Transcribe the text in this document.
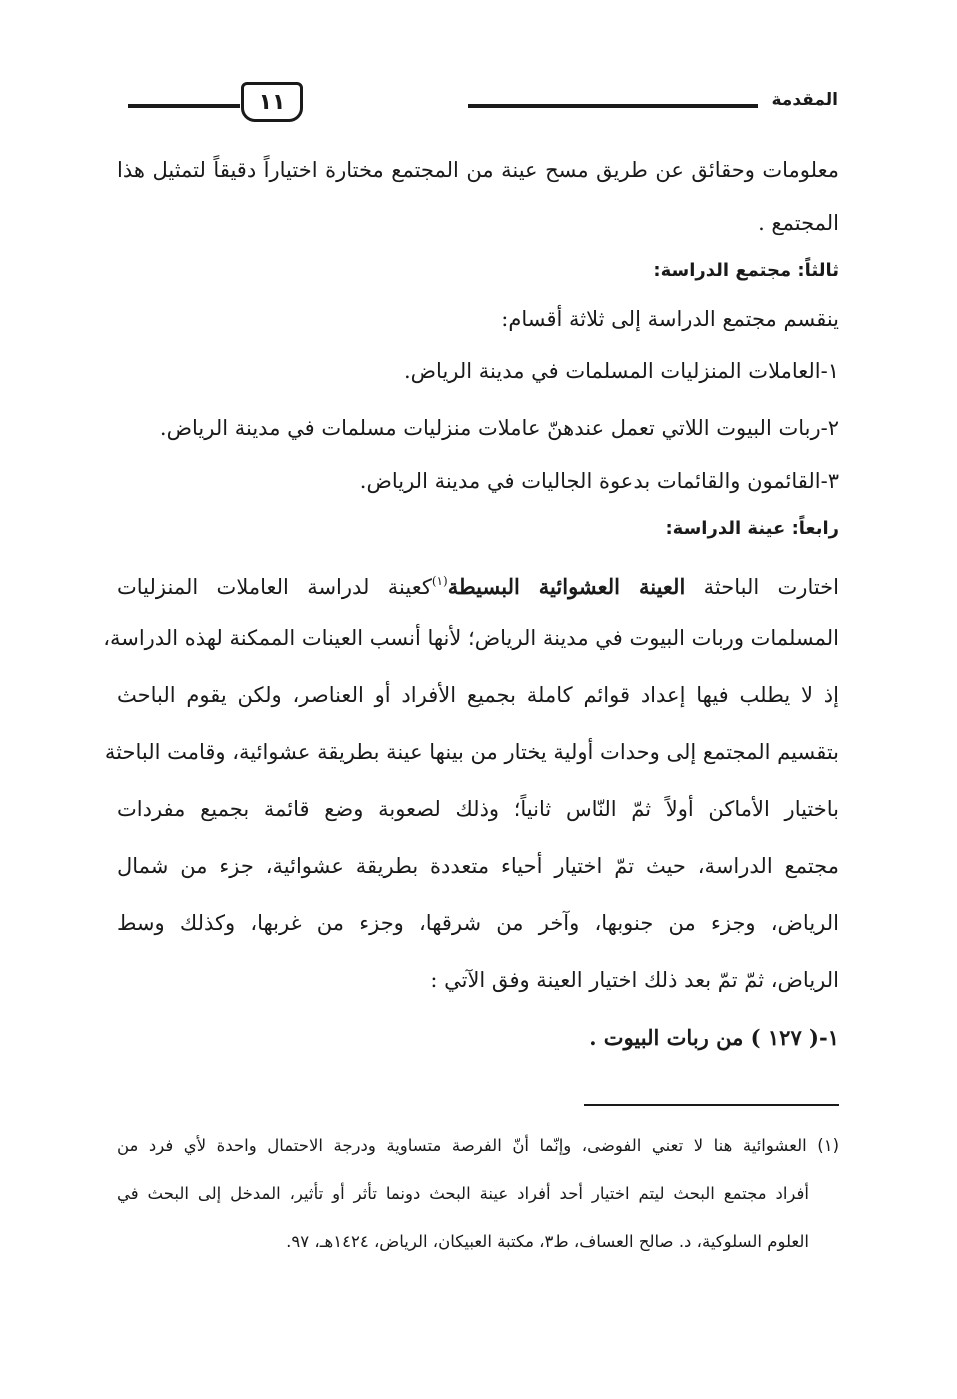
المقدمة
١١
معلومات وحقائق عن طريق مسح عينة من المجتمع مختارة اختياراً دقيقاً لتمثيل هذا
المجتمع .
ثالثاً: مجتمع الدراسة:
ينقسم مجتمع الدراسة إلى ثلاثة أقسام:
١-العاملات المنزليات المسلمات في مدينة الرياض.
٢-ربات البيوت اللاتي تعمل عندهنّ عاملات منزليات مسلمات في مدينة الرياض.
٣-القائمون والقائمات بدعوة الجاليات في مدينة الرياض.
رابعاً: عينة الدراسة:
اختارت الباحثة العينة العشوائية البسيطة$^{(١)}$كعينة لدراسة العاملات المنزليات
المسلمات وربات البيوت في مدينة الرياض؛ لأنها أنسب العينات الممكنة لهذه الدراسة،
إذ لا يطلب فيها إعداد قوائم كاملة بجميع الأفراد أو العناصر، ولكن يقوم الباحث
بتقسيم المجتمع إلى وحدات أولية يختار من بينها عينة بطريقة عشوائية، وقامت الباحثة
باختيار الأماكن أولاً ثمّ النّاس ثانياً؛ وذلك لصعوبة وضع قائمة بجميع مفردات
مجتمع الدراسة، حيث تمّ اختيار أحياء متعددة بطريقة عشوائية، جزء من شمال
الرياض، وجزء من جنوبها، وآخر من شرقها، وجزء من غربها، وكذلك وسط
الرياض، ثمّ تمّ بعد ذلك اختيار العينة وفق الآتي :
١-( ١٢٧ ) من ربات البيوت .
(١) العشوائية هنا لا تعني الفوضى، وإنّما أنّ الفرصة متساوية ودرجة الاحتمال واحدة لأي فرد من
أفراد مجتمع البحث ليتم اختيار أحد أفراد عينة البحث دونما تأثر أو تأثير، المدخل إلى البحث في
العلوم السلوكية، د. صالح العساف، ط٣، مكتبة العبيكان، الرياض، ١٤٢٤هـ، ٩٧.
